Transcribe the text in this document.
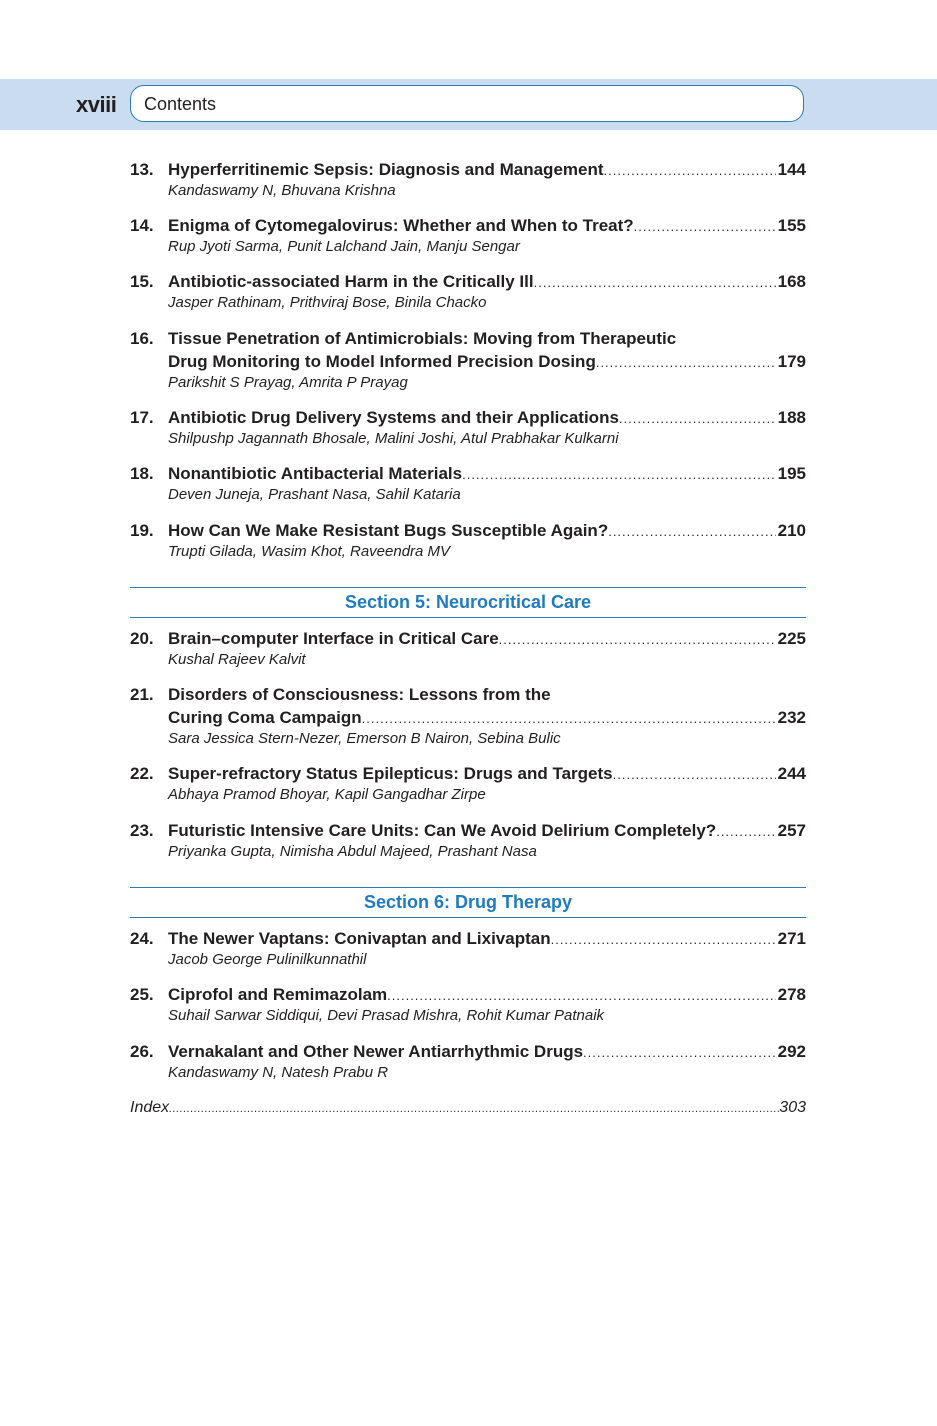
xviii Contents
13. Hyperferritinemic Sepsis: Diagnosis and Management .....	144
Kandaswamy N, Bhuvana Krishna
14. Enigma of Cytomegalovirus: Whether and When to Treat? .....	155
Rup Jyoti Sarma, Punit Lalchand Jain, Manju Sengar
15. Antibiotic-associated Harm in the Critically Ill .....	168
Jasper Rathinam, Prithviraj Bose, Binila Chacko
16. Tissue Penetration of Antimicrobials: Moving from Therapeutic
Drug Monitoring to Model Informed Precision Dosing .....	179
Parikshit S Prayag, Amrita P Prayag
17. Antibiotic Drug Delivery Systems and their Applications .....	188
Shilpushp Jagannath Bhosale, Malini Joshi, Atul Prabhakar Kulkarni
18. Nonantibiotic Antibacterial Materials .....	195
Deven Juneja, Prashant Nasa, Sahil Kataria
19. How Can We Make Resistant Bugs Susceptible Again? .....	210
Trupti Gilada, Wasim Khot, Raveendra MV
Section 5: Neurocritical Care
20. Brain–computer Interface in Critical Care .....	225
Kushal Rajeev Kalvit
21. Disorders of Consciousness: Lessons from the
Curing Coma Campaign .....	232
Sara Jessica Stern-Nezer, Emerson B Nairon, Sebina Bulic
22. Super-refractory Status Epilepticus: Drugs and Targets .....	244
Abhaya Pramod Bhoyar, Kapil Gangadhar Zirpe
23. Futuristic Intensive Care Units: Can We Avoid Delirium Completely? .....	257
Priyanka Gupta, Nimisha Abdul Majeed, Prashant Nasa
Section 6: Drug Therapy
24. The Newer Vaptans: Conivaptan and Lixivaptan .....	271
Jacob George Pulinilkunnathil
25. Ciprofol and Remimazolam .....	278
Suhail Sarwar Siddiqui, Devi Prasad Mishra, Rohit Kumar Patnaik
26. Vernakalant and Other Newer Antiarrhythmic Drugs .....	292
Kandaswamy N, Natesh Prabu R
Index .....	303
